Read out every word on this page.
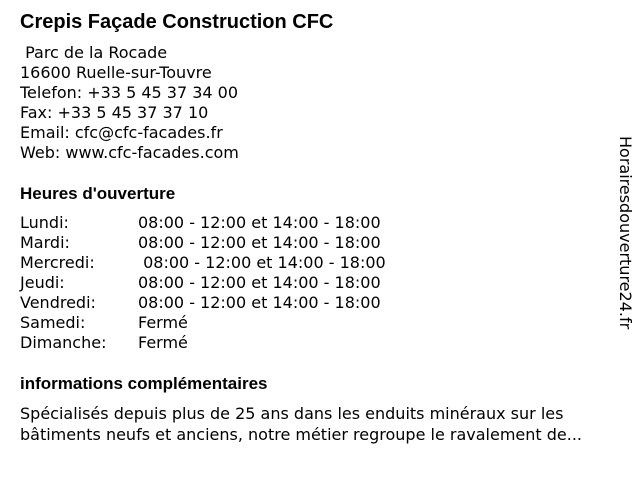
Crepis Façade Construction CFC
Parc de la Rocade
16600 Ruelle-sur-Touvre
Telefon: +33 5 45 37 34 00
Fax: +33 5 45 37 37 10
Email: cfc@cfc-facades.fr
Web: www.cfc-facades.com
Heures d'ouverture
Lundi:	08:00 - 12:00 et 14:00 - 18:00
Mardi:	08:00 - 12:00 et 14:00 - 18:00
Mercredi:	08:00 - 12:00 et 14:00 - 18:00
Jeudi:	08:00 - 12:00 et 14:00 - 18:00
Vendredi:	08:00 - 12:00 et 14:00 - 18:00
Samedi:	Fermé
Dimanche: Fermé
informations complémentaires
Spécialisés depuis plus de 25 ans dans les enduits minéraux sur les
bâtiments neufs et anciens, notre métier regroupe le ravalement de...
Horairesdouverture24.fr
